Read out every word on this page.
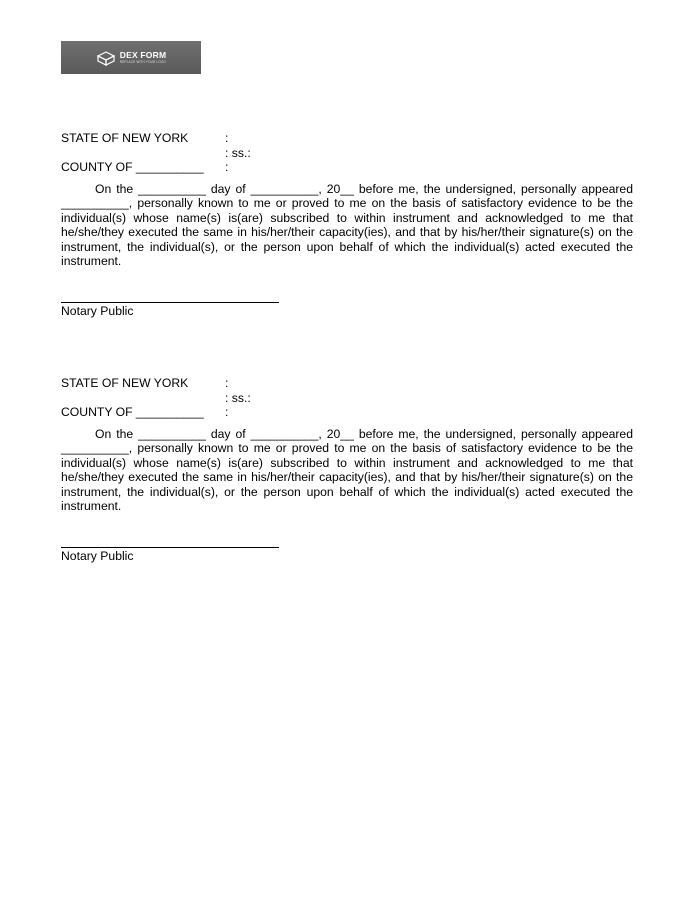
DEX FORM
REPLACE WITH YOUR LOGO
STATE OF NEW YORK	:
: ss.:
COUNTY OF __________ :
On the __________ day of __________, 20__ before me, the undersigned, personally appeared __________, personally known to me or proved to me on the basis of satisfactory evidence to be the individual(s) whose name(s) is(are) subscribed to within instrument and acknowledged to me that he/she/they executed the same in his/her/their capacity(ies), and that by his/her/their signature(s) on the instrument, the individual(s), or the person upon behalf of which the individual(s) acted executed the instrument.
Notary Public
STATE OF NEW YORK	:
: ss.:
COUNTY OF __________ :
On the __________ day of __________, 20__ before me, the undersigned, personally appeared __________, personally known to me or proved to me on the basis of satisfactory evidence to be the individual(s) whose name(s) is(are) subscribed to within instrument and acknowledged to me that he/she/they executed the same in his/her/their capacity(ies), and that by his/her/their signature(s) on the instrument, the individual(s), or the person upon behalf of which the individual(s) acted executed the instrument.
Notary Public
